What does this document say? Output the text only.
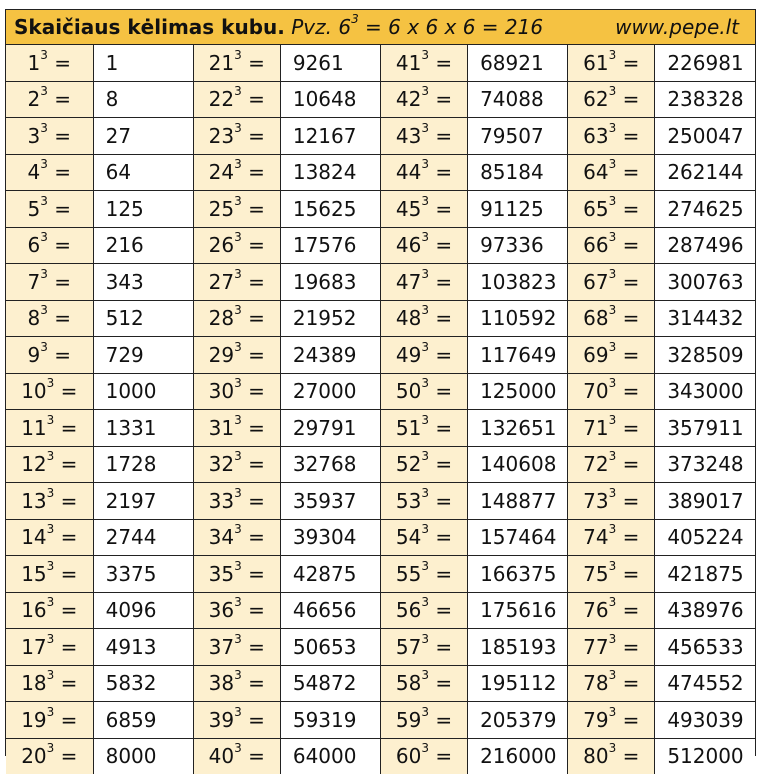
Skaičiaus kėlimas kubu. Pvz. $6^3 = 6$ x 6 x 6 = 216	www.pepe.lt
$1^3$ =	1	$21^3$ =	9261	$41^3$ =	68921	$61^3$ =	226981
$2^3$ =	8	$22^3$ =	10648	$42^3$ =	74088	$62^3$ =	238328
$3^3$ =	27	$23^3$ =	12167	$43^3$ =	79507	$63^3$ =	250047
$4^3$ =	64	$24^3$ =	13824	$44^3$ =	85184	$64^3$ =	262144
$5^3$ =	125	$25^3$ =	15625	$45^3$ =	91125	$65^3$ =	274625
$6^3$ =	216	$26^3$ =	17576	$46^3$ =	97336	$66^3$ =	287496
$7^3$ =	343	$27^3$ =	19683	$47^3$ =	103823	$67^3$ =	300763
$8^3$ =	512	$28^3$ =	21952	$48^3$ =	110592	$68^3$ =	314432
$9^3$ =	729	$29^3$ =	24389	$49^3$ =	117649	$69^3$ =	328509
$10^3$ =	1000	$30^3$ =	27000	$50^3$ =	125000	$70^3$ =	343000
$11^3$ =	1331	$31^3$ =	29791	$51^3$ =	132651	$71^3$ =	357911
$12^3$ =	1728	$32^3$ =	32768	$52^3$ =	140608	$72^3$ =	373248
$13^3$ =	2197	$33^3$ =	35937	$53^3$ =	148877	$73^3$ =	389017
$14^3$ =	2744	$34^3$ =	39304	$54^3$ =	157464	$74^3$ =	405224
$15^3$ =	3375	$35^3$ =	42875	$55^3$ =	166375	$75^3$ =	421875
$16^3$ =	4096	$36^3$ =	46656	$56^3$ =	175616	$76^3$ =	438976
$17^3$ =	4913	$37^3$ =	50653	$57^3$ =	185193	$77^3$ =	456533
$18^3$ =	5832	$38^3$ =	54872	$58^3$ =	195112	$78^3$ =	474552
$19^3$ =	6859	$39^3$ =	59319	$59^3$ =	205379	$79^3$ =	493039
$20^3$ =	8000	$40^3$ =	64000	$60^3$ =	216000	$80^3$ =	512000
